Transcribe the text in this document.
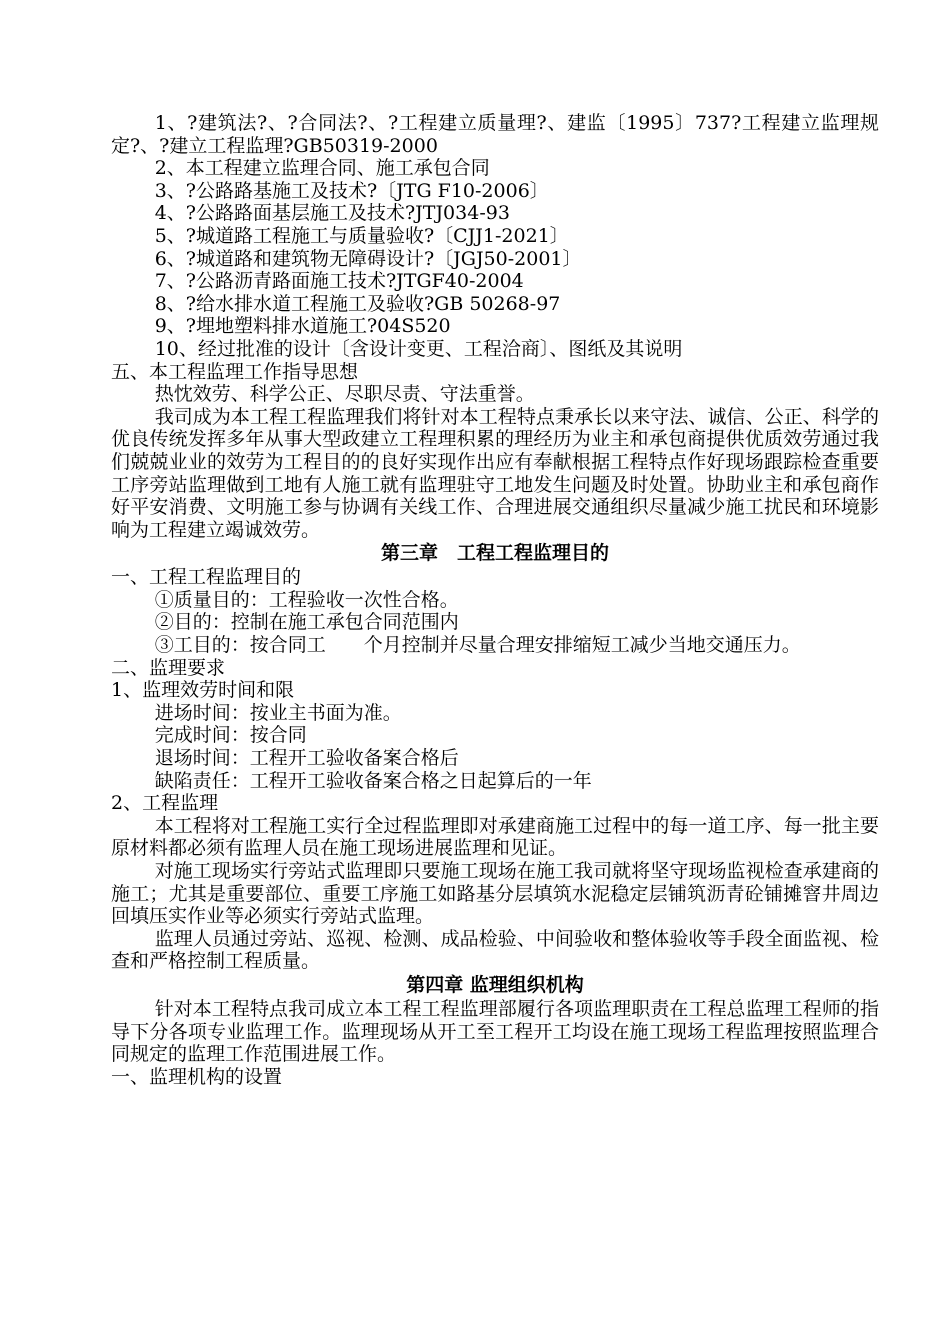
1、?建筑法?、?合同法?、?工程建立质量理?、建监〔1995〕737?工程建立监理规定?、?建立工程监理?GB50319-2000

2、本工程建立监理合同、施工承包合同

3、?公路路基施工及技术?〔JTG F10-2006〕

4、?公路路面基层施工及技术?JTJ034-93

5、?城道路工程施工与质量验收?〔CJJ1-2021〕

6、?城道路和建筑物无障碍设计?〔JGJ50-2001〕

7、?公路沥青路面施工技术?JTGF40-2004

8、?给水排水道工程施工及验收?GB 50268-97

9、?埋地塑料排水道施工?04S520

10、经过批准的设计〔含设计变更、工程洽商〕、图纸及其说明

五、本工程监理工作指导思想

热忱效劳、科学公正、尽职尽责、守法重誉。

我司成为本工程工程监理我们将针对本工程特点秉承长以来守法、诚信、公正、科学的优良传统发挥多年从事大型政建立工程理积累的理经历为业主和承包商提供优质效劳通过我们兢兢业业的效劳为工程目的的良好实现作出应有奉献根据工程特点作好现场跟踪检查重要工序旁站监理做到工地有人施工就有监理驻守工地发生问题及时处置。协助业主和承包商作好平安消费、文明施工参与协调有关线工作、合理进展交通组织尽量减少施工扰民和环境影响为工程建立竭诚效劳。

第三章　工程工程监理目的

一、工程工程监理目的

①质量目的：工程验收一次性合格。

②目的：控制在施工承包合同范围内

③工目的：按合同工　　个月控制并尽量合理安排缩短工减少当地交通压力。

二、监理要求

1、监理效劳时间和限

进场时间：按业主书面为准。

完成时间：按合同

退场时间：工程开工验收备案合格后

缺陷责任：工程开工验收备案合格之日起算后的一年

2、工程监理

本工程将对工程施工实行全过程监理即对承建商施工过程中的每一道工序、每一批主要原材料都必须有监理人员在施工现场进展监理和见证。

对施工现场实行旁站式监理即只要施工现场在施工我司就将坚守现场监视检查承建商的施工；尤其是重要部位、重要工序施工如路基分层填筑水泥稳定层铺筑沥青砼铺摊窨井周边回填压实作业等必须实行旁站式监理。

监理人员通过旁站、巡视、检测、成品检验、中间验收和整体验收等手段全面监视、检查和严格控制工程质量。

第四章 监理组织机构

针对本工程特点我司成立本工程工程监理部履行各项监理职责在工程总监理工程师的指导下分各项专业监理工作。监理现场从开工至工程开工均设在施工现场工程监理按照监理合同规定的监理工作范围进展工作。

一、监理机构的设置
